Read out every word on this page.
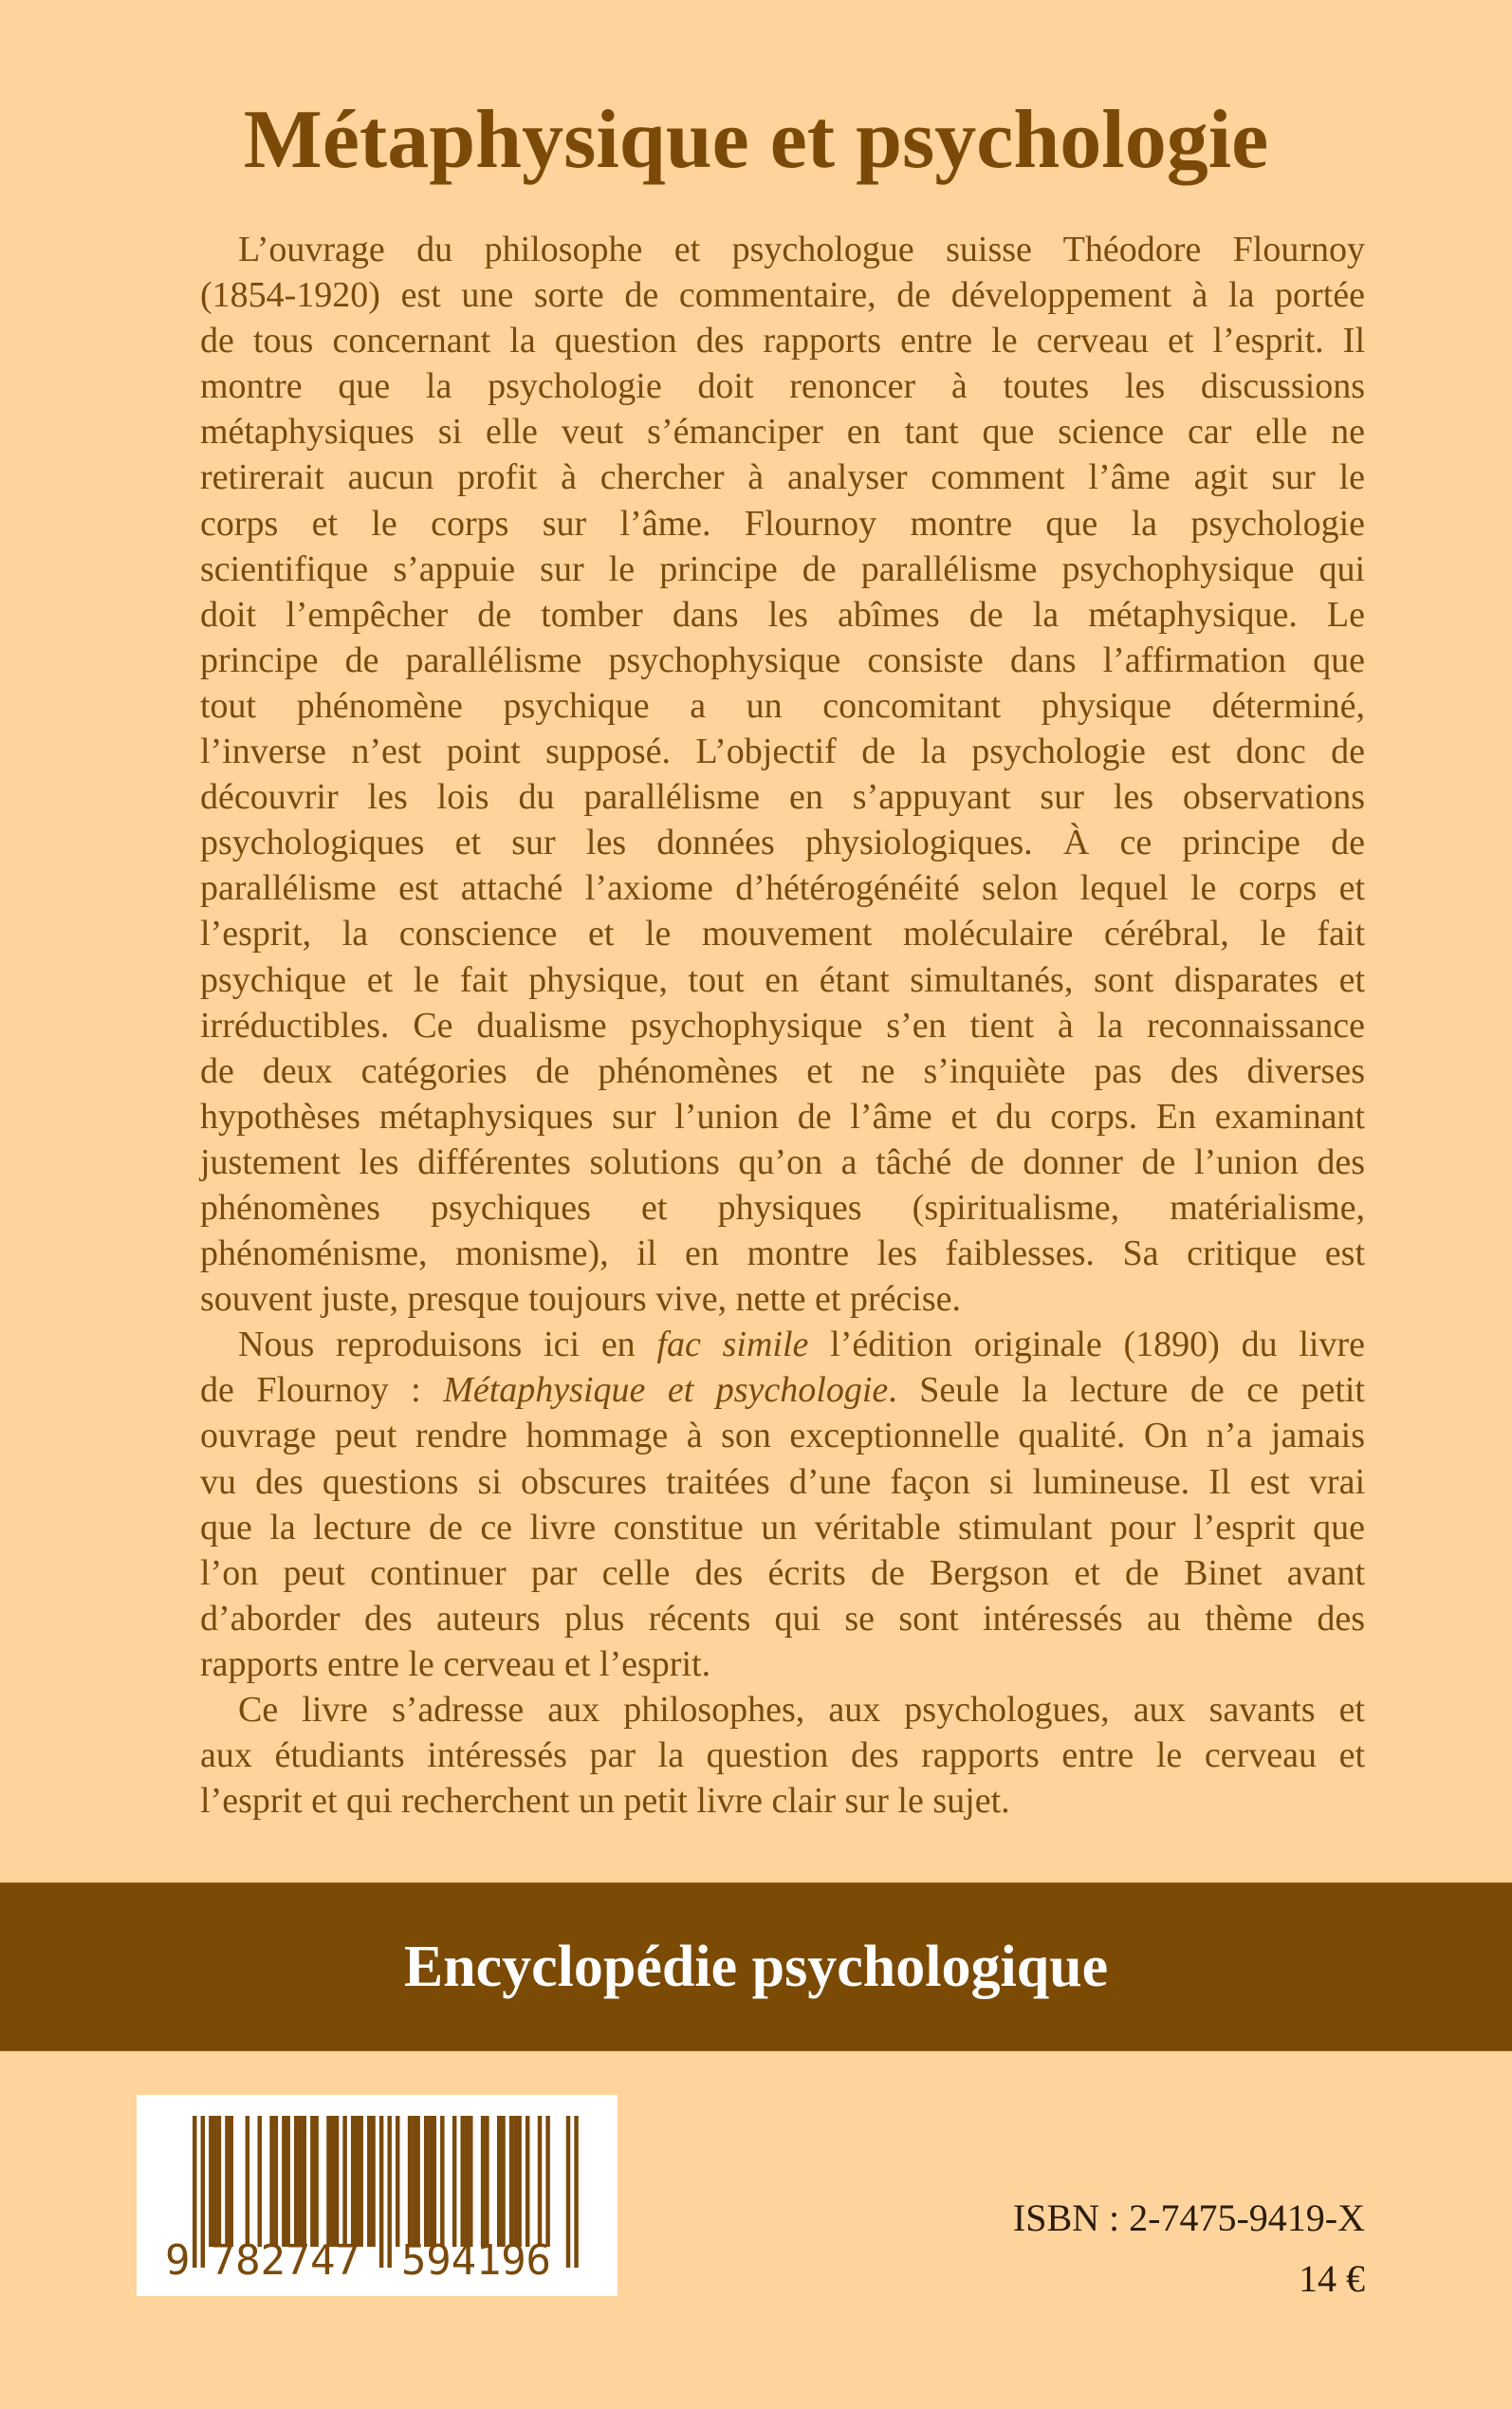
Métaphysique et psychologie
L’ouvrage du philosophe et psychologue suisse Théodore Flournoy
(1854-1920) est une sorte de commentaire, de développement à la portée
de tous concernant la question des rapports entre le cerveau et l’esprit. Il
montre que la psychologie doit renoncer à toutes les discussions
métaphysiques si elle veut s’émanciper en tant que science car elle ne
retirerait aucun profit à chercher à analyser comment l’âme agit sur le
corps et le corps sur l’âme. Flournoy montre que la psychologie
scientifique s’appuie sur le principe de parallélisme psychophysique qui
doit l’empêcher de tomber dans les abîmes de la métaphysique. Le
principe de parallélisme psychophysique consiste dans l’affirmation que
tout phénomène psychique a un concomitant physique déterminé,
l’inverse n’est point supposé. L’objectif de la psychologie est donc de
découvrir les lois du parallélisme en s’appuyant sur les observations
psychologiques et sur les données physiologiques. À ce principe de
parallélisme est attaché l’axiome d’hétérogénéité selon lequel le corps et
l’esprit, la conscience et le mouvement moléculaire cérébral, le fait
psychique et le fait physique, tout en étant simultanés, sont disparates et
irréductibles. Ce dualisme psychophysique s’en tient à la reconnaissance
de deux catégories de phénomènes et ne s’inquiète pas des diverses
hypothèses métaphysiques sur l’union de l’âme et du corps. En examinant
justement les différentes solutions qu’on a tâché de donner de l’union des
phénomènes psychiques et physiques (spiritualisme, matérialisme,
phénoménisme, monisme), il en montre les faiblesses. Sa critique est
souvent juste, presque toujours vive, nette et précise.
Nous reproduisons ici en fac simile l’édition originale (1890) du livre
de Flournoy : Métaphysique et psychologie. Seule la lecture de ce petit
ouvrage peut rendre hommage à son exceptionnelle qualité. On n’a jamais
vu des questions si obscures traitées d’une façon si lumineuse. Il est vrai
que la lecture de ce livre constitue un véritable stimulant pour l’esprit que
l’on peut continuer par celle des écrits de Bergson et de Binet avant
d’aborder des auteurs plus récents qui se sont intéressés au thème des
rapports entre le cerveau et l’esprit.
Ce livre s’adresse aux philosophes, aux psychologues, aux savants et
aux étudiants intéressés par la question des rapports entre le cerveau et
l’esprit et qui recherchent un petit livre clair sur le sujet.
Encyclopédie psychologique
9 782747 594196
ISBN : 2-7475-9419-X
14 €
